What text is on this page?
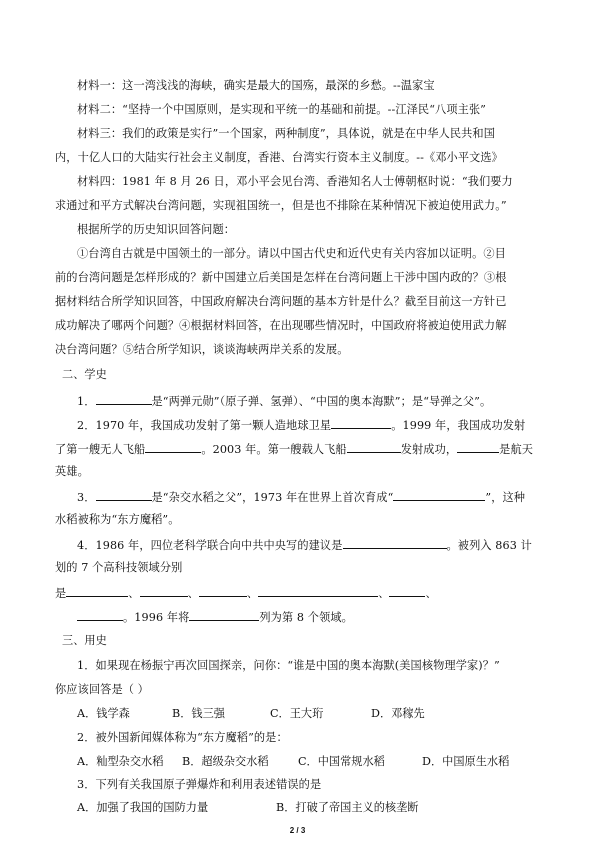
材料一：这一湾浅浅的海峡，确实是最大的国殇，最深的乡愁。--温家宝
材料二：“坚持一个中国原则，是实现和平统一的基础和前提。--江泽民“八项主张”
材料三：我们的政策是实行”一个国家，两种制度”，具体说，就是在中华人民共和国
内，十亿人口的大陆实行社会主义制度，香港、台湾实行资本主义制度。--《邓小平文选》
材料四：1981 年 8 月 26 日，邓小平会见台湾、香港知名人士傅朝枢时说：“我们要力
求通过和平方式解决台湾问题，实现祖国统一，但是也不排除在某种情况下被迫使用武力。”
根据所学的历史知识回答问题：
①台湾自古就是中国领土的一部分。请以中国古代史和近代史有关内容加以证明。②目
前的台湾问题是怎样形成的？新中国建立后美国是怎样在台湾问题上干涉中国内政的？③根
据材料结合所学知识回答，中国政府解决台湾问题的基本方针是什么？截至目前这一方针已
成功解决了哪两个问题？④根据材料回答，在出现哪些情况时，中国政府将被迫使用武力解
决台湾问题？⑤结合所学知识，谈谈海峡两岸关系的发展。
二、学史
1．	是“两弹元勋”（原子弹、氢弹）、“中国的奥本海默”；是“导弹之父”。
2．1970 年，我国成功发射了第一颗人造地球卫星	。1999 年，我国成功发射
了第一艘无人飞船	。2003 年。第一艘载人飞船	发射成功，	是航天
英雄。
3．	是“杂交水稻之父”，1973 年在世界上首次育成“	”，这种
水稻被称为“东方魔稻”。
4．1986 年，四位老科学联合向中共中央写的建议是	。被列入 863 计
划的 7 个高科技领域分别
是	、	、	、	、	、
。1996 年将	列为第 8 个领域。
三、用史
1．如果现在杨振宁再次回国探亲，问你：“谁是中国的奥本海默(美国核物理学家)？”
你应该回答是（ ）
A．钱学森	B．钱三强	C．王大珩	D．邓稼先
2．被外国新闻媒体称为“东方魔稻”的是：
A．籼型杂交水稻 B．超级杂交水稻	C．中国常规水稻	D．中国原生水稻
3．下列有关我国原子弹爆炸和利用表述错误的是
2 / 3
A．加强了我国的国防力量	B．打破了帝国主义的核垄断
